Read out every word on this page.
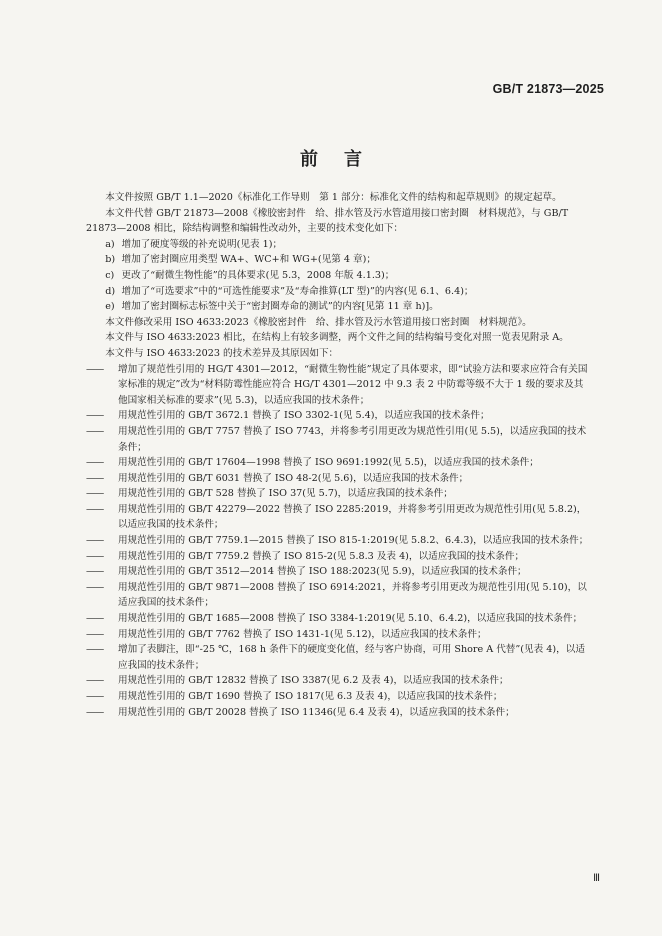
GB/T 21873—2025
前言

本文件按照 GB/T 1.1—2020《标准化工作导则　第 1 部分：标准化文件的结构和起草规则》的规定起草。

本文件代替 GB/T 21873—2008《橡胶密封件　给、排水管及污水管道用接口密封圈　材料规范》，与 GB/T 21873—2008 相比，除结构调整和编辑性改动外，主要的技术变化如下：

a) 增加了硬度等级的补充说明(见表 1)；
b) 增加了密封圈应用类型 WA+、WC+和 WG+(见第 4 章)；
c) 更改了“耐微生物性能”的具体要求(见 5.3，2008 年版 4.1.3)；
d) 增加了“可选要求”中的“可选性能要求”及“寿命推算(LT 型)”的内容(见 6.1、6.4)；
e) 增加了密封圈标志标签中关于“密封圈寿命的测试”的内容[见第 11 章 h)]。

本文件修改采用 ISO 4633:2023《橡胶密封件　给、排水管及污水管道用接口密封圈　材料规范》。

本文件与 ISO 4633:2023 相比，在结构上有较多调整，两个文件之间的结构编号变化对照一览表见附录 A。

本文件与 ISO 4633:2023 的技术差异及其原因如下：

——	增加了规范性引用的 HG/T 4301—2012，“耐微生物性能”规定了具体要求，即“试验方法和要求应符合有关国家标准的规定”改为“材料防霉性能应符合 HG/T 4301—2012 中 9.3 表 2 中防霉等级不大于 1 级的要求及其他国家相关标准的要求”(见 5.3)，以适应我国的技术条件；
——	用规范性引用的 GB/T 3672.1 替换了 ISO 3302-1(见 5.4)，以适应我国的技术条件；
——	用规范性引用的 GB/T 7757 替换了 ISO 7743，并将参考引用更改为规范性引用(见 5.5)，以适应我国的技术条件；
——	用规范性引用的 GB/T 17604—1998 替换了 ISO 9691:1992(见 5.5)，以适应我国的技术条件；
——	用规范性引用的 GB/T 6031 替换了 ISO 48-2(见 5.6)，以适应我国的技术条件；
——	用规范性引用的 GB/T 528 替换了 ISO 37(见 5.7)，以适应我国的技术条件；
——	用规范性引用的 GB/T 42279—2022 替换了 ISO 2285:2019，并将参考引用更改为规范性引用(见 5.8.2)，以适应我国的技术条件；
——	用规范性引用的 GB/T 7759.1—2015 替换了 ISO 815-1:2019(见 5.8.2、6.4.3)，以适应我国的技术条件；
——	用规范性引用的 GB/T 7759.2 替换了 ISO 815-2(见 5.8.3 及表 4)，以适应我国的技术条件；
——	用规范性引用的 GB/T 3512—2014 替换了 ISO 188:2023(见 5.9)，以适应我国的技术条件；
——	用规范性引用的 GB/T 9871—2008 替换了 ISO 6914:2021，并将参考引用更改为规范性引用(见 5.10)，以适应我国的技术条件；
——	用规范性引用的 GB/T 1685—2008 替换了 ISO 3384-1:2019(见 5.10、6.4.2)，以适应我国的技术条件；
——	用规范性引用的 GB/T 7762 替换了 ISO 1431-1(见 5.12)，以适应我国的技术条件；
——	增加了表脚注，即“-25 ℃，168 h 条件下的硬度变化值，经与客户协商，可用 Shore A 代替”(见表 4)，以适应我国的技术条件；
——	用规范性引用的 GB/T 12832 替换了 ISO 3387(见 6.2 及表 4)，以适应我国的技术条件；
——	用规范性引用的 GB/T 1690 替换了 ISO 1817(见 6.3 及表 4)，以适应我国的技术条件；
——	用规范性引用的 GB/T 20028 替换了 ISO 11346(见 6.4 及表 4)，以适应我国的技术条件；
Ⅲ
